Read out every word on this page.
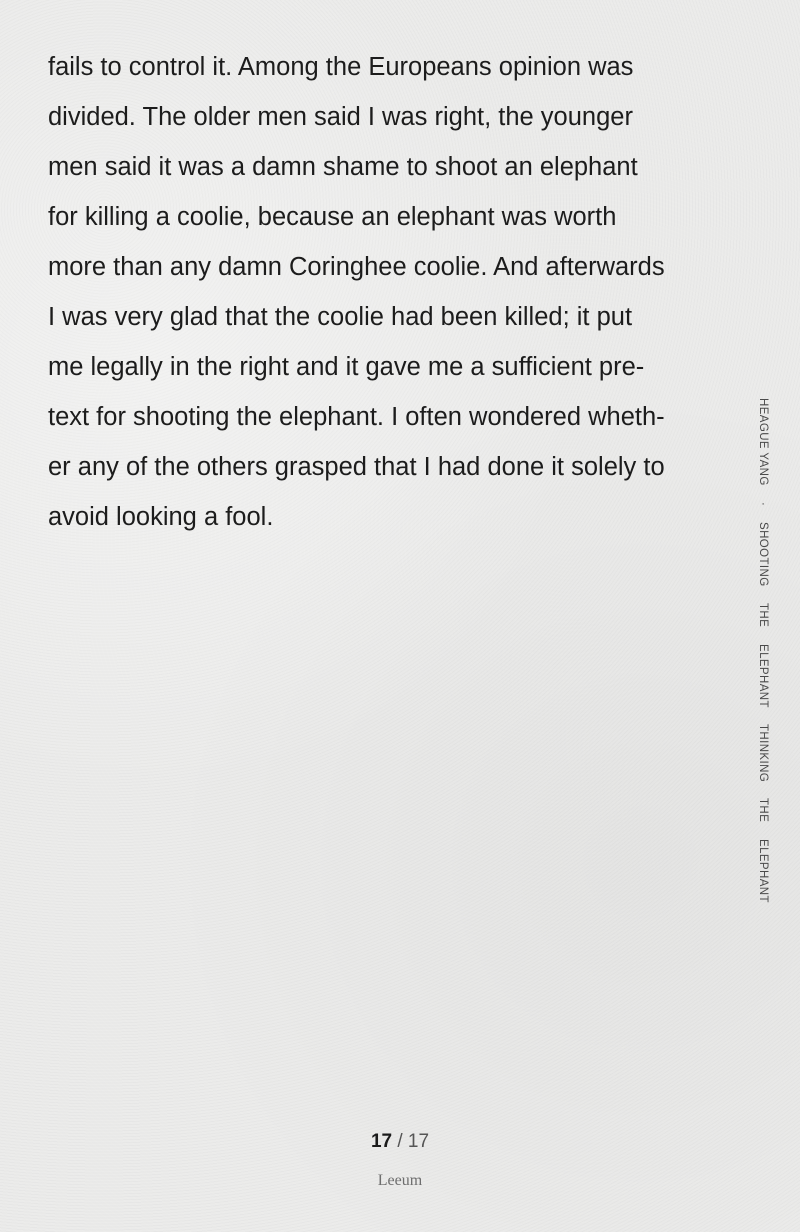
fails to control it. Among the Europeans opinion was
divided. The older men said I was right, the younger
men said it was a damn shame to shoot an elephant
for killing a coolie, because an elephant was worth
more than any damn Coringhee coolie. And afterwards
I was very glad that the coolie had been killed; it put
me legally in the right and it gave me a sufficient pre-
text for shooting the elephant. I often wondered wheth-
er any of the others grasped that I had done it solely to
avoid looking a fool.
HEAGUE YANG  ·  SHOOTING  THE  ELEPHANT  THINKING  THE  ELEPHANT
17 / 17
Leeum
